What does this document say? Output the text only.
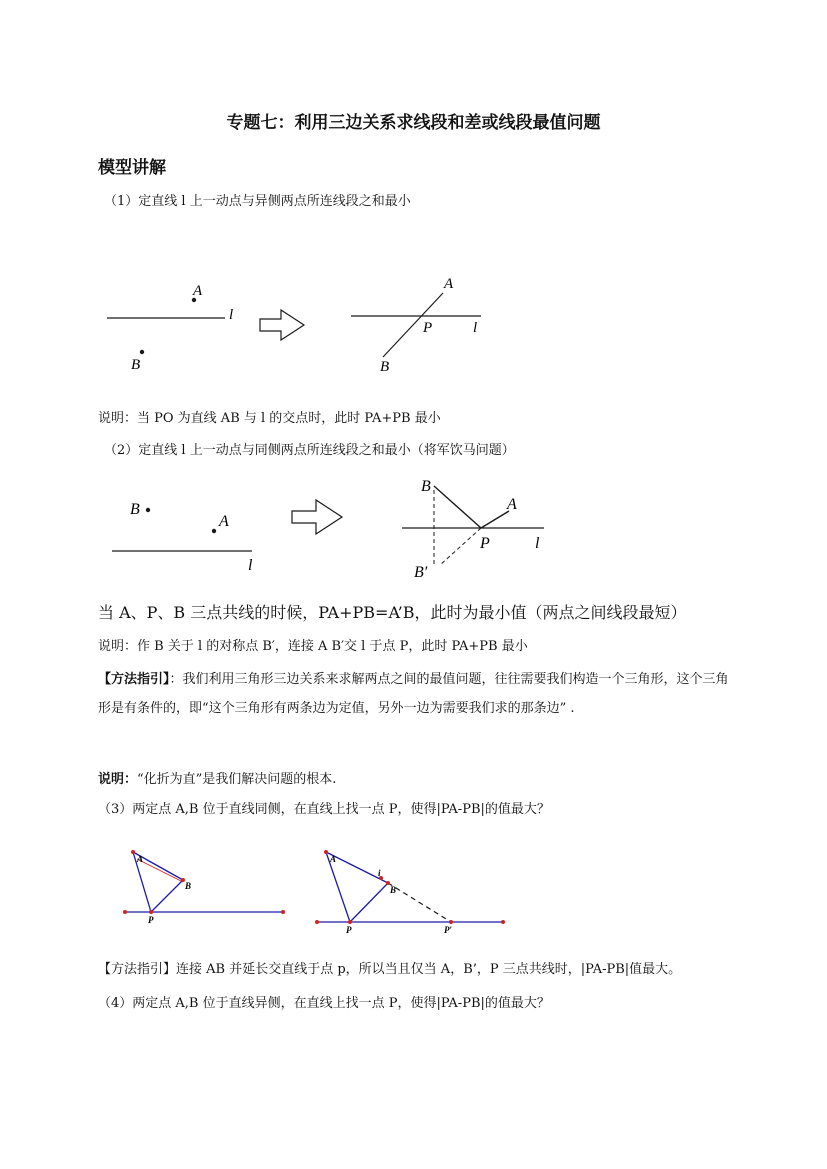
专题七：利用三边关系求线段和差或线段最值问题
模型讲解
（1）定直线 l 上一动点与异侧两点所连线段之和最小
A
l
B
A
P	l
B
说明：当 PO 为直线 AB 与 l 的交点时，此时 PA+PB 最小
（2）定直线 l 上一动点与同侧两点所连线段之和最小（将军饮马问题）
B
A
l
B
A
P	l
B′
当 A、P、B 三点共线的时候，PA+PB=A’B，此时为最小值（两点之间线段最短）
说明：作 B 关于 l 的对称点 B′，连接 A B′交 l 于点 P，此时 PA+PB 最小
【方法指引】：我们利用三角形三边关系来求解两点之间的最值问题，往往需要我们构造一个三角形，这个三角形是有条件的，即“这个三角形有两条边为定值，另外一边为需要我们求的那条边” .
说明：“化折为直”是我们解决问题的根本.
（3）两定点 A,B 位于直线同侧，在直线上找一点 P，使得|PA-PB|的值最大？
A
B
P
A
i
B
P	P′
【方法指引】连接 AB 并延长交直线于点 p，所以当且仅当 A，B’，P 三点共线时，|PA-PB|值最大。
（4）两定点 A,B 位于直线异侧，在直线上找一点 P，使得|PA-PB|的值最大？
